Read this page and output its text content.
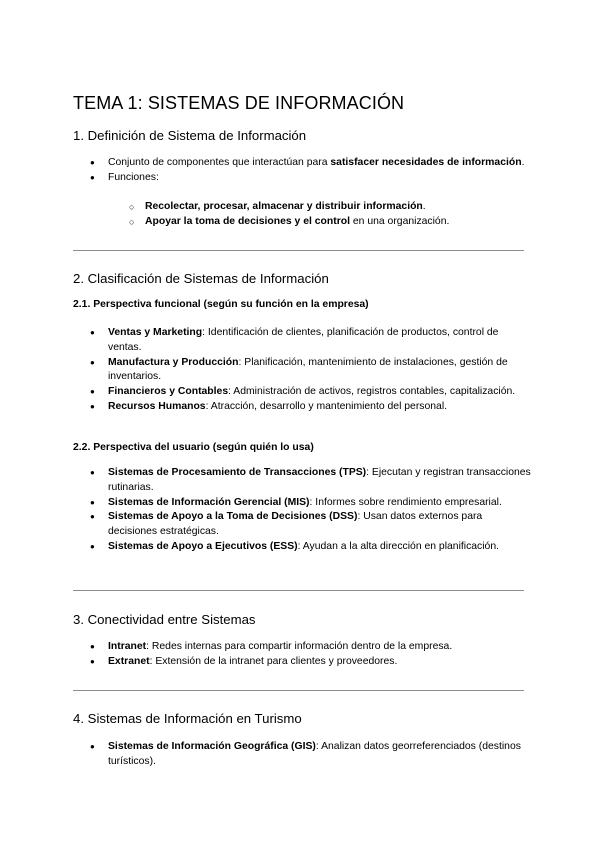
TEMA 1: SISTEMAS DE INFORMACIÓN
1. Definición de Sistema de Información
● Conjunto de componentes que interactúan para satisfacer necesidades de información.
● Funciones:
○ Recolectar, procesar, almacenar y distribuir información.
○ Apoyar la toma de decisiones y el control en una organización.
2. Clasificación de Sistemas de Información
2.1. Perspectiva funcional (según su función en la empresa)
● Ventas y Marketing: Identificación de clientes, planificación de productos, control de ventas.
● Manufactura y Producción: Planificación, mantenimiento de instalaciones, gestión de inventarios.
● Financieros y Contables: Administración de activos, registros contables, capitalización.
● Recursos Humanos: Atracción, desarrollo y mantenimiento del personal.
2.2. Perspectiva del usuario (según quién lo usa)
● Sistemas de Procesamiento de Transacciones (TPS): Ejecutan y registran transacciones rutinarias.
● Sistemas de Información Gerencial (MIS): Informes sobre rendimiento empresarial.
● Sistemas de Apoyo a la Toma de Decisiones (DSS): Usan datos externos para decisiones estratégicas.
● Sistemas de Apoyo a Ejecutivos (ESS): Ayudan a la alta dirección en planificación.
3. Conectividad entre Sistemas
● Intranet: Redes internas para compartir información dentro de la empresa.
● Extranet: Extensión de la intranet para clientes y proveedores.
4. Sistemas de Información en Turismo
● Sistemas de Información Geográfica (GIS): Analizan datos georreferenciados (destinos turísticos).
